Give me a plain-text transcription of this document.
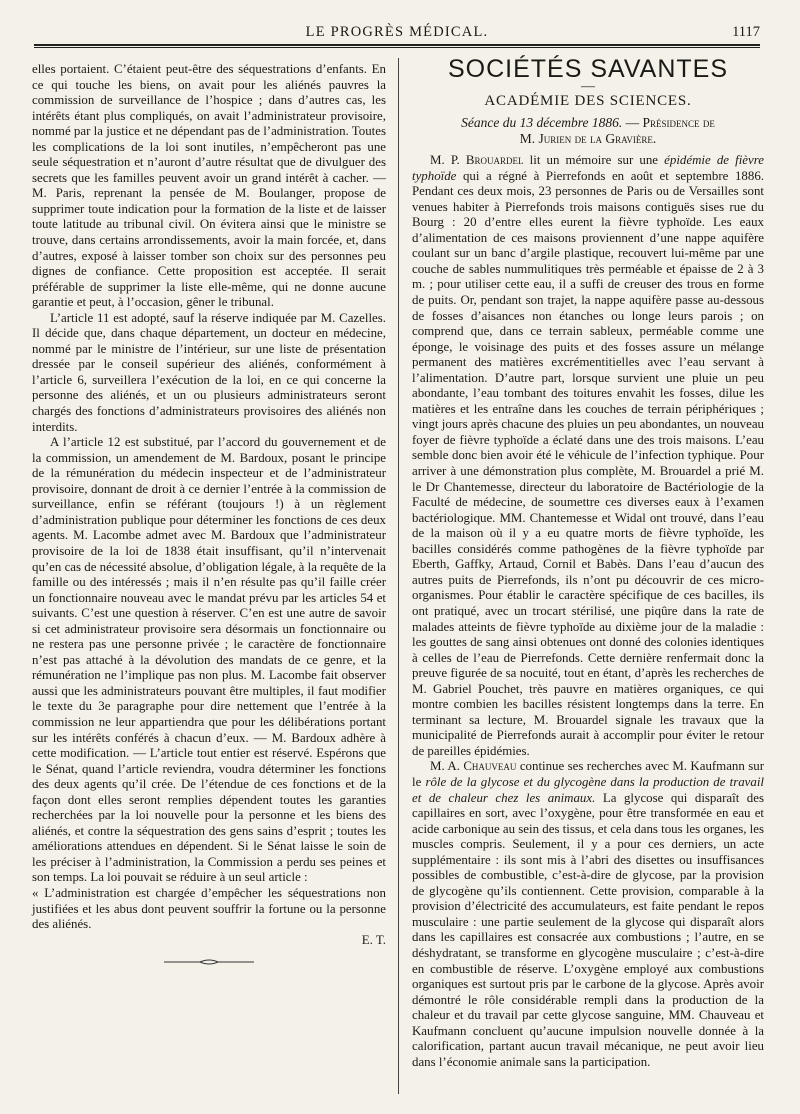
LE PROGRÈS MÉDICAL.	1117

elles portaient. C’étaient peut-être des séquestrations d’enfants. En ce qui touche les biens, on avait pour les aliénés pauvres la commission de surveillance de l’hospice ; dans d’autres cas, les intérêts étant plus compliqués, on avait l’administrateur provisoire, nommé par la justice et ne dépendant pas de l’administration. Toutes les complications de la loi sont inutiles, n’empêcheront pas une seule séquestration et n’auront d’autre résultat que de divulguer des secrets que les familles peuvent avoir un grand intérêt à cacher. — M. Paris, reprenant la pensée de M. Boulanger, propose de supprimer toute indication pour la formation de la liste et de laisser toute latitude au tribunal civil. On évitera ainsi que le ministre se trouve, dans certains arrondissements, avoir la main forcée, et, dans d’autres, exposé à laisser tomber son choix sur des personnes peu dignes de confiance. Cette proposition est acceptée. Il serait préférable de supprimer la liste elle-même, qui ne donne aucune garantie et peut, à l’occasion, gêner le tribunal.

L’article 11 est adopté, sauf la réserve indiquée par M. Cazelles. Il décide que, dans chaque département, un docteur en médecine, nommé par le ministre de l’intérieur, sur une liste de présentation dressée par le conseil supérieur des aliénés, conformément à l’article 6, surveillera l’exécution de la loi, en ce qui concerne la personne des aliénés, et un ou plusieurs administrateurs seront chargés des fonctions d’administrateurs provisoires des aliénés non interdits.

A l’article 12 est substitué, par l’accord du gouvernement et de la commission, un amendement de M. Bardoux, posant le principe de la rémunération du médecin inspecteur et de l’administrateur provisoire, donnant de droit à ce dernier l’entrée à la commission de surveillance, enfin se référant (toujours !) à un règlement d’administration publique pour déterminer les fonctions de ces deux agents. M. Lacombe admet avec M. Bardoux que l’administrateur provisoire de la loi de 1838 était insuffisant, qu’il n’intervenait qu’en cas de nécessité absolue, d’obligation légale, à la requête de la famille ou des intéressés ; mais il n’en résulte pas qu’il faille créer un fonctionnaire nouveau avec le mandat prévu par les articles 54 et suivants. C’est une question à réserver. C’en est une autre de savoir si cet administrateur provisoire sera désormais un fonctionnaire ou ne restera pas une personne privée ; le caractère de fonctionnaire n’est pas attaché à la dévolution des mandats de ce genre, et la rémunération ne l’implique pas non plus. M. Lacombe fait observer aussi que les administrateurs pouvant être multiples, il faut modifier le texte du 3e paragraphe pour dire nettement que l’entrée à la commission ne leur appartiendra que pour les délibérations portant sur les intérêts conférés à chacun d’eux. — M. Bardoux adhère à cette modification. — L’article tout entier est réservé. Espérons que le Sénat, quand l’article reviendra, voudra déterminer les fonctions des deux agents qu’il crée. De l’étendue de ces fonctions et de la façon dont elles seront remplies dépendent toutes les garanties recherchées par la loi nouvelle pour la personne et les biens des aliénés, et contre la séquestration des gens sains d’esprit ; toutes les améliorations attendues en dépendent. Si le Sénat laisse le soin de les préciser à l’administration, la Commission a perdu ses peines et son temps. La loi pouvait se réduire à un seul article :

« L’administration est chargée d’empêcher les séquestrations non justifiées et les abus dont peuvent souffrir la fortune ou la personne des aliénés.
E. T.
SOCIÉTÉS SAVANTES
—
ACADÉMIE DES SCIENCES.
Séance du 13 décembre 1886. — Présidence de
M. Jurien de la Gravière.

M. P. Brouardel lit un mémoire sur une épidémie de fièvre typhoïde qui a régné à Pierrefonds en août et septembre 1886. Pendant ces deux mois, 23 personnes de Paris ou de Versailles sont venues habiter à Pierrefonds trois maisons contiguës sises rue du Bourg : 20 d’entre elles eurent la fièvre typhoïde. Les eaux d’alimentation de ces maisons proviennent d’une nappe aquifère coulant sur un banc d’argile plastique, recouvert lui-même par une couche de sables nummulitiques très perméable et épaisse de 2 à 3 m. ; pour utiliser cette eau, il a suffi de creuser des trous en forme de puits. Or, pendant son trajet, la nappe aquifère passe au-dessous de fosses d’aisances non étanches ou longe leurs parois ; on comprend que, dans ce terrain sableux, perméable comme une éponge, le voisinage des puits et des fosses assure un mélange permanent des matières excrémentitielles avec l’eau servant à l’alimentation. D’autre part, lorsque survient une pluie un peu abondante, l’eau tombant des toitures envahit les fosses, dilue les matières et les entraîne dans les couches de terrain périphériques ; vingt jours après chacune des pluies un peu abondantes, un nouveau foyer de fièvre typhoïde a éclaté dans une des trois maisons. L’eau semble donc bien avoir été le véhicule de l’infection typhique. Pour arriver à une démonstration plus complète, M. Brouardel a prié M. le Dr Chantemesse, directeur du laboratoire de Bactériologie de la Faculté de médecine, de soumettre ces diverses eaux à l’examen bactériologique. MM. Chantemesse et Widal ont trouvé, dans l’eau de la maison où il y a eu quatre morts de fièvre typhoïde, les bacilles considérés comme pathogènes de la fièvre typhoïde par Eberth, Gaffky, Artaud, Cornil et Babès. Dans l’eau d’aucun des autres puits de Pierrefonds, ils n’ont pu découvrir de ces micro-organismes. Pour établir le caractère spécifique de ces bacilles, ils ont pratiqué, avec un trocart stérilisé, une piqûre dans la rate de malades atteints de fièvre typhoïde au dixième jour de la maladie : les gouttes de sang ainsi obtenues ont donné des colonies identiques à celles de l’eau de Pierrefonds. Cette dernière renfermait donc la preuve figurée de sa nocuité, tout en étant, d’après les recherches de M. Gabriel Pouchet, très pauvre en matières organiques, ce qui montre combien les bacilles résistent longtemps dans la terre. En terminant sa lecture, M. Brouardel signale les travaux que la municipalité de Pierrefonds aurait à accomplir pour éviter le retour de pareilles épidémies.

M. A. Chauveau continue ses recherches avec M. Kaufmann sur le rôle de la glycose et du glycogène dans la production de travail et de chaleur chez les animaux. La glycose qui disparaît des capillaires en sort, avec l’oxygène, pour être transformée en eau et acide carbonique au sein des tissus, et cela dans tous les organes, les muscles compris. Seulement, il y a pour ces derniers, un acte supplémentaire : ils sont mis à l’abri des disettes ou insuffisances possibles de combustible, c’est-à-dire de glycose, par la provision de glycogène qu’ils contiennent. Cette provision, comparable à la provision d’électricité des accumulateurs, est faite pendant le repos musculaire : une partie seulement de la glycose qui disparaît alors dans les capillaires est consacrée aux combustions ; l’autre, en se déshydratant, se transforme en glycogène musculaire ; c’est-à-dire en combustible de réserve. L’oxygène employé aux combustions organiques est surtout pris par le carbone de la glycose. Après avoir démontré le rôle considérable rempli dans la production de la chaleur et du travail par cette glycose sanguine, MM. Chauveau et Kaufmann concluent qu’aucune impulsion nouvelle donnée à la calorification, partant aucun travail mécanique, ne peut avoir lieu dans l’économie animale sans la participation.
